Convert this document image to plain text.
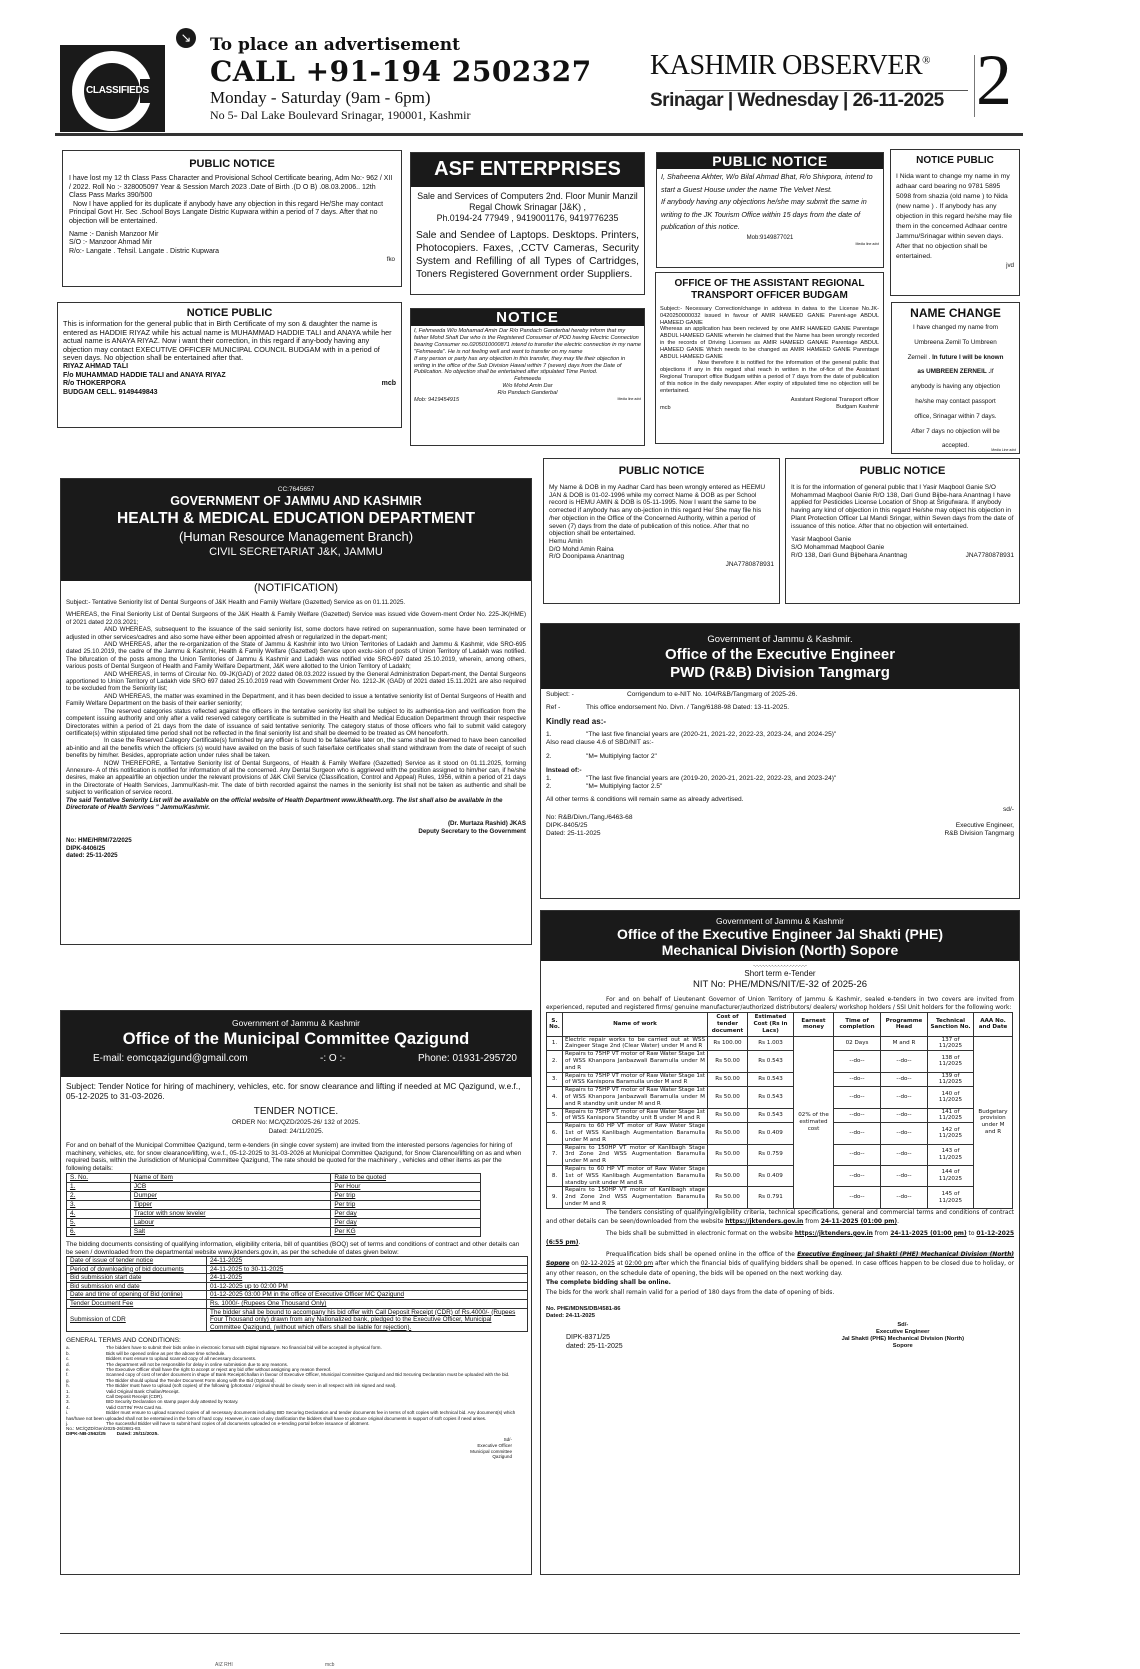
CLASSIFIEDS
↘ To place an advertisement
CALL +91-194 2502327
Monday - Saturday (9am - 6pm)
No 5- Dal Lake Boulevard Srinagar, 190001, Kashmir
KASHMIR OBSERVER®
Srinagar | Wednesday | 26-11-2025 2
PUBLIC NOTICE

I have lost my 12 th Class Pass Character and Provisional School Certificate bearing, Adm No:- 962 / XII / 2022. Roll No :- 328005097 Year & Session March 2023 .Date of Birth .(D O B) .08.03.2006.. 12th Class Pass Marks 390/500

Now I have applied for its duplicate if anybody have any objection in this regard He/She may contact Principal Govt Hr. Sec .School Boys Langate Distric Kupwara within a period of 7 days. After that no objection will be entertained.

Name :- Danish Manzoor Mir

S/O :- Manzoor Ahmad Mir

R/o:- Langate . Tehsil. Langate . Distric Kupwara

fko

NOTICE PUBLIC

This is information for the general public that in Birth Certificate of my son & daughter the name is entered as HADDIE RIYAZ while his actual name is MUHAMMAD HADDIE TALI and ANAYA while her actual name is ANAYA RIYAZ. Now i want their correction, in this regard if any-body having any objection may contact EXECUTIVE OFFICER MUNICIPAL COUNCIL BUDGAM with in a period of seven days. No objection shall be entertained after that.

RIYAZ AHMAD TALI

F/o MUHAMMAD HADDIE TALI and ANAYA RIYAZ

R/o THOKERPORA	mcb

BUDGAM CELL. 9149449843

ASF ENTERPRISES

Sale and Services of Computers 2nd. Floor Munir Manzil Regal Chowk Srinagar [J&K) ,

Ph.0194-24 77949 , 9419001176, 9419776235

Sale and Sendee of Laptops. Desktops. Printers, Photocopiers. Faxes, ,CCTV Cameras, Security System and Refilling of all Types of Cartridges, Toners Registered Government order Suppliers.

NOTICE

I, Fehmeeda W/o Mohamad Amin Dar R/o Pandach Ganderbal hereby inform that my father Mohd Shafi Dar who is the Registered Consumer of PDD having Electric Connection bearing Consumer no.0205010000871 intend to transfer the electric connection in my name "Fehmeeda". He is not feeling well and want to transfer on my name

If any person or party has any objection in this transfer, they may file their objection in writing in the office of the Sub Division Hawal within 7 (seven) days from the Date of Publication. No objection shall be entertained after stipulated Time Period.

Fehmeeda

W/o Mohd Amin Dar

R/o Pandach Ganderbal

Mob: 9419454915	Media line advt
PUBLIC NOTICE

I, Shaheena Akhter, W/o Bilal Ahmad Bhat, R/o Shivpora, intend to start a Guest House under the name The Velvet Nest.

If anybody having any objections he/she may submit the same in writing to the JK Tourism Office within 15 days from the date of publication of this notice.

Mob:9149877021

Media line advt

NOTICE PUBLIC

I Nida want to change my name in my adhaar card bearing no 9781 5895 5098 from shazia (old name ) to Nida (new name ) . If anybody has any objection in this regard he/she may file them in the concerned Adhaar centre Jammu/Srinagar within seven days. After that no objection shall be entertained.

jvd

OFFICE OF THE ASSISTANT REGIONAL
TRANSPORT OFFICER BUDGAM

Subject:- Necessary Correction/change in address in datwa to the License No.JK-0420250000032 issued in favour of AMIR HAMEED GANIE Parent-age ABDUL HAMEED GANIE

Whereas an application has been recieved by one AMIR HAMEED GANIE Parentage ABDUL HAMEED GANIE wherein he claimed that the Name has been wrongly recorded in the records of Driving Licenses as AMIR HAMEED GANAIE Parentage ABDUL HAMEED GANIE Which needs to be changed as AMIR HAMEED GANIE Parentage ABDUL HAMEED GANIE

Now therefore it is notified for the information of the general public that objections if any in this regard shal reach in written in the of-fice of the Assistant Regional Transport office Budgam within a period of 7 days from the date of publication of this notice in the daily newspaper. After expiry of stipulated time no objection will be entertained.

mcb
Assistant Regional Transport officer
Budgam Kashmir
NAME CHANGE
I have changed my name from
Umbreena Zemil To Umbreen
Zerneil . In future I will be known
as UMBREEN ZERNEIL .If
anybody is having any objection
he/she may contact passport
office, Srinagar within 7 days.
After 7 days no objection will be
accepted.
Media Line advt
CC:7645657
GOVERNMENT OF JAMMU AND KASHMIR
HEALTH & MEDICAL EDUCATION DEPARTMENT
(Human Resource Management Branch)
CIVIL SECRETARIAT J&K, JAMMU
(NOTIFICATION)

Subject:- Tentative Seniority list of Dental Surgeons of J&K Health and Family Welfare (Gazetted) Service as on 01.11.2025.

WHEREAS, the Final Seniority List of Dental Surgeons of the J&K Health & Family Welfare (Gazetted) Service was issued vide Govern-ment Order No. 225-JK(HME) of 2021 dated 22.03.2021;

AND WHEREAS, subsequent to the issuance of the said seniority list, some doctors have retired on superannuation, some have been terminated or adjusted in other services/cadres and also some have either been appointed afresh or regularized in the depart-ment;

AND WHEREAS, after the re-organization of the State of Jammu & Kashmir into two Union Territories of Ladakh and Jammu & Kashmir, vide SRO-695 dated 25.10.2019, the cadre of the Jammu & Kashmir, Health & Family Welfare (Gazetted) Service upon exclu-sion of posts of Union Territory of Ladakh was notified. The bifurcation of the posts among the Union Territories of Jammu & Kashmir and Ladakh was notified vide SRO-697 dated 25.10.2019, wherein, among others, various posts of Dental Surgeon of Health and Family Welfare Department, J&K were allotted to the Union Territory of Ladakh;

AND WHEREAS, in terms of Circular No. 09-JK(GAD) of 2022 dated 08.03.2022 issued by the General Administration Depart-ment, the Dental Surgeons apportioned to Union Territory of Ladakh vide SRO 697 dated 25.10.2019 read with Government Order No. 1212-JK (GAD) of 2021 dated 15.11.2021 are also required to be excluded from the Seniority list;

AND WHEREAS, the matter was examined in the Department, and it has been decided to issue a tentative seniority list of Dental Surgeons of Health and Family Welfare Department on the basis of their earlier seniority;

The reserved categories status reflected against the officers in the tentative seniority list shall be subject to its authentica-tion and verification from the competent issuing authority and only after a valid reserved category certificate is submitted in the Health and Medical Education Department through their respective Directorates within a period of 21 days from the date of issuance of said tentative seniority. The category status of those officers who fail to submit valid category certificate(s) within stipulated time period shall not be reflected in the final seniority list and shall be deemed to be treated as OM henceforth.

In case the Reserved Category Certificate(s) furnished by any officer is found to be false/fake later on, the same shall be deemed to have been cancelled ab-initio and all the benefits which the officiers (s) would have availed on the basis of such false/fake certificates shall stand withdrawn from the date of receipt of such benefits by him/her. Besides, appropriate action under rules shall be taken.

NOW THEREFORE, a Tentative Seniority list of Dental Surgeons, of Health & Family Welfare (Gazetted) Service as it stood on 01.11.2025, forming Annexure- A of this notification is notified for information of all the concerned. Any Dental Surgeon who is aggrieved with the position assigned to him/her can, if he/she desires, make an appeal/file an objection under the relevant provisions of J&K Civil Service (Classification, Control and Appeal) Rules, 1956, within a period of 21 days in the Directorate of Health Services, Jammu/Kash-mir. The date of birth recorded against the names in the seniority list shall not be taken as authentic and shall be subject to verification of service record.

The said Tentative Seniority List will be available on the official website of Health Department www.ikhealth.org. The list shall also be available in the Directorate of Health Services " Jammu/Kashmir.

(Dr. Murtaza Rashid) JKAS

Deputy Secretary to the Government

No: HME/HRM/72/2025

DIPK-8406/25

dated: 25-11-2025

PUBLIC NOTICE

My Name & DOB in my Aadhar Card has been wrongly entered as HEEMU JAN & DOB is 01-02-1996 while my correct Name & DOB as per School record is HEMU AMIN & DOB is 05-11-1995. Now I want the same to be corrected if anybody has any ob-jection in this regard He/ She may file his /her objection in the Office of the Concerned Authority, within a period of seven (7) days from the date of publication of this notice. After that no objection shall be entertained.

Hemu Amin

D/O Mohd Amin Raina

R/O Doonipawa Anantnag

JNA7780878931

PUBLIC NOTICE

It is for the information of general public that I Yasir Maqbool Ganie S/O Mohammad Maqbool Ganie R/O 138, Dari Gund Bijbe-hara Anantnag I have applied for Pesticides License Location of Shop at Srigufwara. If anybody having any kind of objection in this regard He/she may object his objection in Plant Protection Officer Lal Mandi Sringar, within Seven days from the date of issuance of this notice. After that no objection will entertained.

Yasir Maqbool Ganie

S/O Mohammad Maqbool Ganie

R/O 138, Dari Gund Bijbehara Anantnag	JNA7780878931
Government of Jammu & Kashmir.
Office of the Executive Engineer
PWD (R&B) Division Tangmarg
Subject: -	Corrigendum to e-NIT No. 104/R&B/Tangmarg of 2025-26.
Ref -	This office endorsement No. Divn. / Tang/6188-98 Dated: 13-11-2025.
Kindly read as:-
1.	"The last five financial years are (2020-21, 2021-22, 2022-23, 2023-24, and 2024-25)"
Also read clause 4.6 of SBD/NIT as:-
2.	"M= Multiplying factor 2"
Instead of:-
1.	"The last five financial years are (2019-20, 2020-21, 2021-22, 2022-23, and 2023-24)"
2.	"M= Multiplying factor 2.5"
All other terms & conditions will remain same as already advertised.
sd/-
No: R&B/Divn./Tang./6463-68
DIPK-8405/25
Dated: 25-11-2025
Executive Engineer,
R&B Division Tangmarg
Government of Jammu & Kashmir
Office of the Municipal Committee Qazigund
E-mail: eomcqazigund@gmail.com	-: O :-	Phone: 01931-295720

Subject: Tender Notice for hiring of machinery, vehicles, etc. for snow clearance and lifting if needed at MC Qazigund, w.e.f., 05-12-2025 to 31-03-2026.

TENDER NOTICE.
ORDER No: MC/QZD/2025-26/ 132 of 2025.
Dated: 24/11/2025.

For and on behalf of the Municipal Committee Qazigund, term e-tenders (in single cover system) are invited from the interested persons /agencies for hiring of machinery, vehicles, etc. for snow clearance/lifting, w.e.f., 05-12-2025 to 31-03-2026 at Municipal Committee Qazigund, for Snow Clarence/lifting on as and when required basis, within the Jurisdiction of Municipal Committee Qazigund, The rate should be quoted for the machinery , vehicles and other items as per the following details:

S. No.	Name of Item	Rate to be quoted
1.	JCB	Per Hour
2.	Dumper	Per trip
3.	Tipper	Per trip
4.	Tractor with snow leveler	Per day
5.	Labour	Per day
6.	Salt	Per KG

The bidding documents consisting of qualifying information, eligibility criteria, bill of quantities (BOQ) set of terms and conditions of contract and other details can be seen / downloaded from the departmental website www.jktenders.gov.in, as per the schedule of dates given below:

Date of issue of tender notice	24-11-2025
Period of downloading of bid documents	24-11-2025 to 30-11-2025
Bid submission start date	24-11-2025
Bid submission end date	01-12-2025 up to 02:00 PM
Date and time of opening of Bid (online)	01-12-2025 03:00 PM in the office of Executive Officer MC Qazigund
Tender Document Fee	Rs. 1000/- (Rupees One Thousand Only)
Submission of CDR	The bidder shall be bound to accompany his bid offer with Call Deposit Receipt (CDR) of Rs.4000/- (Rupees Four Thousand only) drawn from any Nationalized bank, pledged to the Executive Officer, Municipal Committee Qazigund, (without which offers shall be liable for rejection).
GENERAL TERMS AND CONDITIONS:
a.	The bidders have to submit their bids online in electronic format with Digital Signature. No financial bid will be accepted in physical form.
b.	Bids will be opened online as per the above time schedule.
c.	Bidders must ensure to upload scanned copy of all necessary documents.
d.	The department will not be responsible for delay in online submission due to any reasons.
e.	The Executive Officer shall have the right to accept or reject any bid offer without assigning any reason thereof.
f.	Scanned copy of cost of tender document in shape of Bank Receipt/challan in favour of Executive Officer, Municipal Committee Qazigund and Bid Securing Declaration must be uploaded with the bid.
g.	The Bidder should upload the Tender Document Form along with the Bid (Optional).
h.	The Bidder must have to upload (soft copies) of the following (photostat / original should be clearly seen in all respect with ink signed and seal).
1.	Valid Original Bank Challan/Receipt.
2.	Call Deposit Receipt (CDR).
3.	BID Security Declaration on stamp paper duly attested by Notary.
4.	Valid GSTIN/ PAN Card No.
i.	Bidder must ensure to upload scanned copies of all necessary documents including BID Securing Declaration and tender documents fee in terms of soft copies with technical bid. Any document(s) which has/have not been uploaded shall not be entertained in the form of hard copy. However, in case of any clarification the bidders shall have to produce original documents in support of soft copies if need arises.
j.	The successful Bidder will have to submit hard copies of all documents uploaded on e-tending portal before issuance of allotment.
No.: MC/QZD/Gen/2025-26/2681-83.
DIPK-NB-2562/25 Dated: 25/11/2025.
Sd/-
Executive Officer
Municipal committee
Qazigund
Government of Jammu & Kashmir
Office of the Executive Engineer Jal Shakti (PHE)
Mechanical Division (North) Sopore
-.-.-.-.-.-.-.-.-.-.-.-.-.-.-.-.-.-
Short term e-Tender
NIT No: PHE/MDNS/NIT/E-32 of 2025-26

For and on behalf of Lieutenant Governor of Union Territory of Jammu & Kashmir, sealed e-tenders in two covers are invited from experienced, reputed and registered firms/ genuine manufacturer/authorized distributors/ dealers/ workshop holders / SSI Unit holders for the following work:

S. No.	Name of work	Cost of tender document	Estimated Cost (Rs in Lacs)	Earnest money	Time of completion	Programme Head	Technical Sanction No.	AAA No. and Date
1.	Electric repair works to be carried out at WSS Zaingeer Stage 2nd (Clear Water) under M and R	Rs 100.00	Rs 1.003	02% of the estimated cost	02 Days	M and R	137 of 11/2025	Budgetary provision under M and R
2.	Repairs to 75HP VT motor of Raw Water Stage 1st of WSS Khanpora Janbazwali Baramulla under M and R	Rs 50.00	Rs 0.543		--do--	--do--	138 of 11/2025	
3.	Repairs to 75HP VT motor of Raw Water Stage 1st of WSS Kanispora Baramulla under M and R	Rs 50.00	Rs 0.543		--do--	--do--	139 of 11/2025	
4.	Repairs to 75HP VT motor of Raw Water Stage 1st of WSS Khanpora Janbazwali Baramulla under M and R standby unit under M and R	Rs 50.00	Rs 0.543		--do--	--do--	140 of 11/2025	
5.	Repairs to 75HP VT motor of Raw Water Stage 1st of WSS Kanispora Standby unit B under M and R	Rs 50.00	Rs 0.543		--do--	--do--	141 of 11/2025	
6.	Repairs to 60 HP VT motor of Raw Water Stage 1st of WSS Kanlibagh Augmentation Baramulla under M and R	Rs 50.00	Rs 0.409		--do--	--do--	142 of 11/2025	
7.	Repairs to 150HP VT motor of Kanlibagh Stage 3rd Zone 2nd WSS Augmentation Baramulla under M and R	Rs 50.00	Rs 0.759		--do--	--do--	143 of 11/2025	
8.	Repairs to 60 HP VT motor of Raw Water Stage 1st of WSS Kanlibagh Augmentation Baramulla standby unit under M and R	Rs 50.00	Rs 0.409		--do--	--do--	144 of 11/2025	
9.	Repairs to 150HP VT motor of Kanlibagh stage 2nd Zone 2nd WSS Augmentation Baramulla under M and R	Rs 50.00	Rs 0.791		--do--	--do--	145 of 11/2025	

The tenders consisting of qualifying/eligibility criteria, technical specifications, general and commercial terms and conditions of contract and other details can be seen/downloaded from the website https://jktenders.gov.in from 24-11-2025 (01:00 pm).

The bids shall be submitted in electronic format on the website https://jktenders.gov.in from 24-11-2025 (01:00 pm) to 01-12-2025 (6:55 pm).

Prequalification bids shall be opened online in the office of the Executive Engineer, Jal Shakti (PHE) Mechanical Division (North) Sopore on 02-12-2025 at 02:00 pm after which the financial bids of qualifying bidders shall be opened. In case offices happen to be closed due to holiday, or any other reason, on the schedule date of opening, the bids will be opened on the next working day.

The complete bidding shall be online.

The bids for the work shall remain valid for a period of 180 days from the date of opening of bids.

No. PHE/MDNS/DB/4581-86
Dated: 24-11-2025
DIPK-8371/25
dated: 25-11-2025
Sd/-
Executive Engineer
Jal Shakti (PHE) Mechanical Division (North)
Sopore
AIZ RHI	mcb
